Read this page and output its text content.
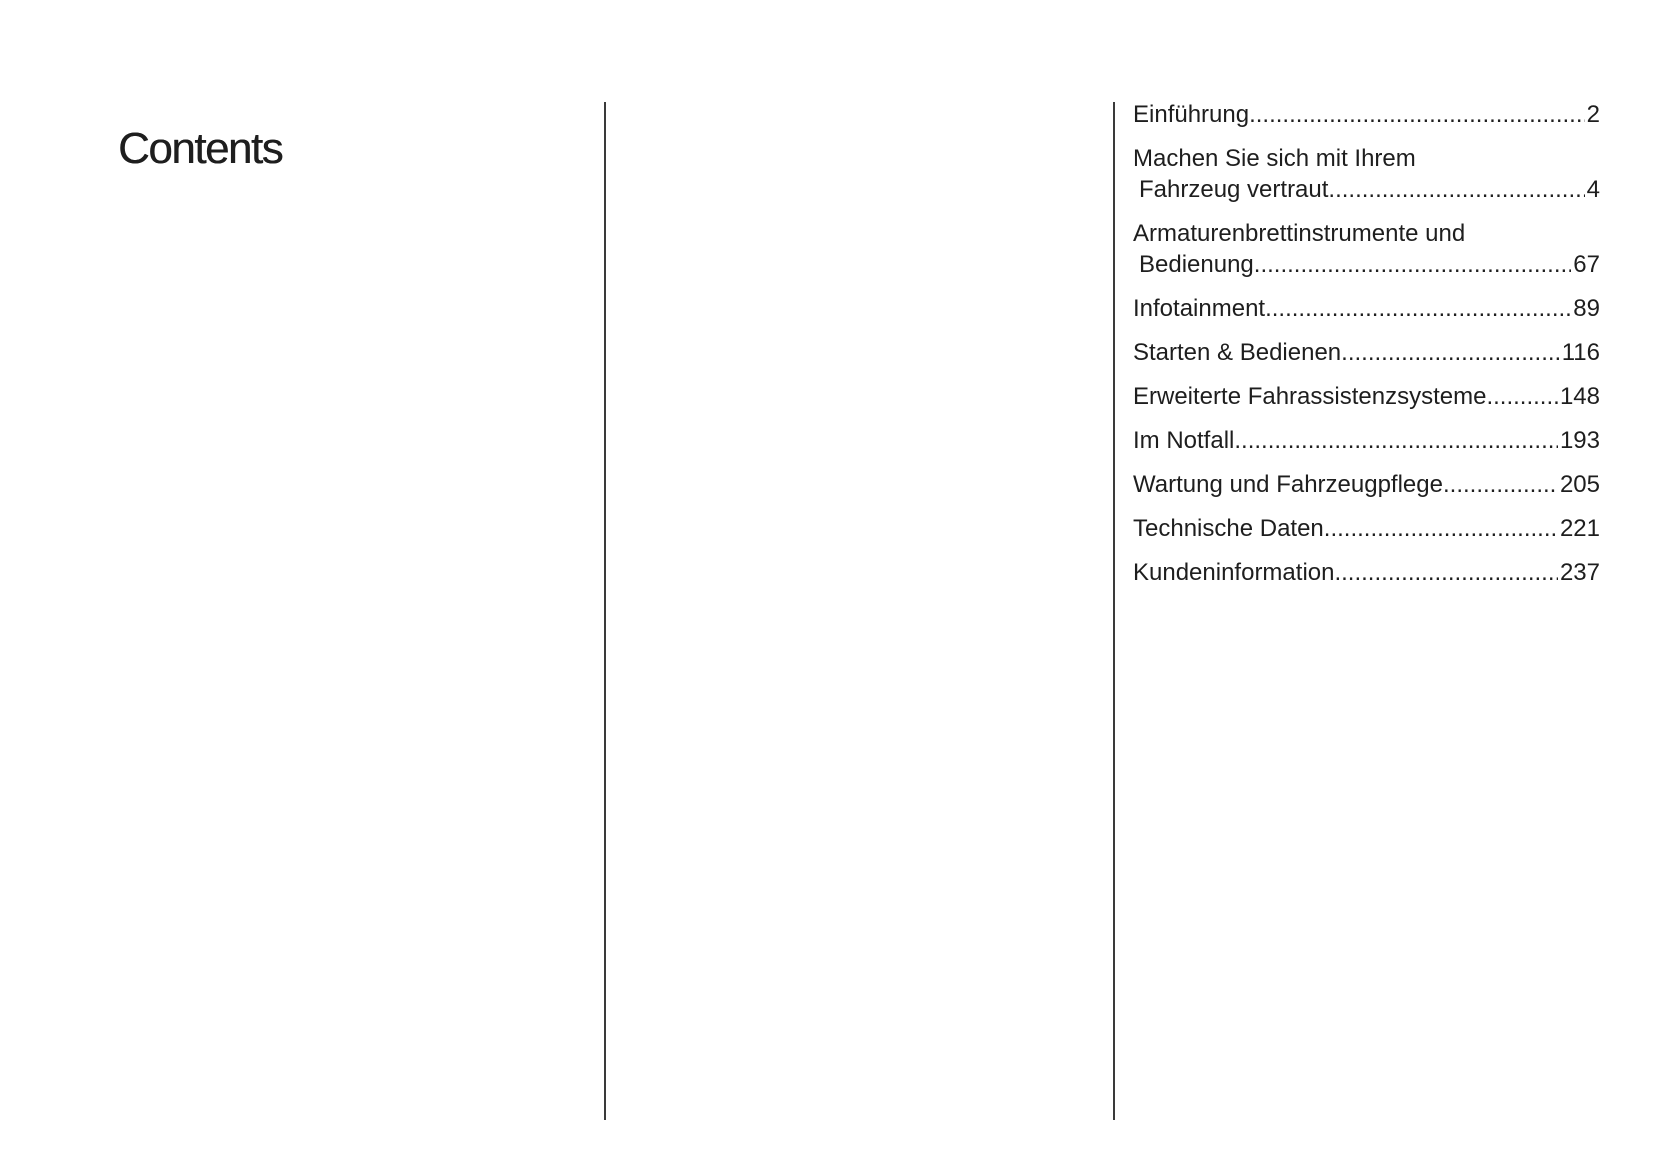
Contents
Einführung .....	2
Machen Sie sich mit Ihrem
Fahrzeug vertraut .....	4
Armaturenbrettinstrumente und
Bedienung .....	67
Infotainment .....	89
Starten & Bedienen .....	116
Erweiterte Fahrassistenzsysteme .....	148
Im Notfall .....	193
Wartung und Fahrzeugpflege .....	205
Technische Daten .....	221
Kundeninformation .....	237
